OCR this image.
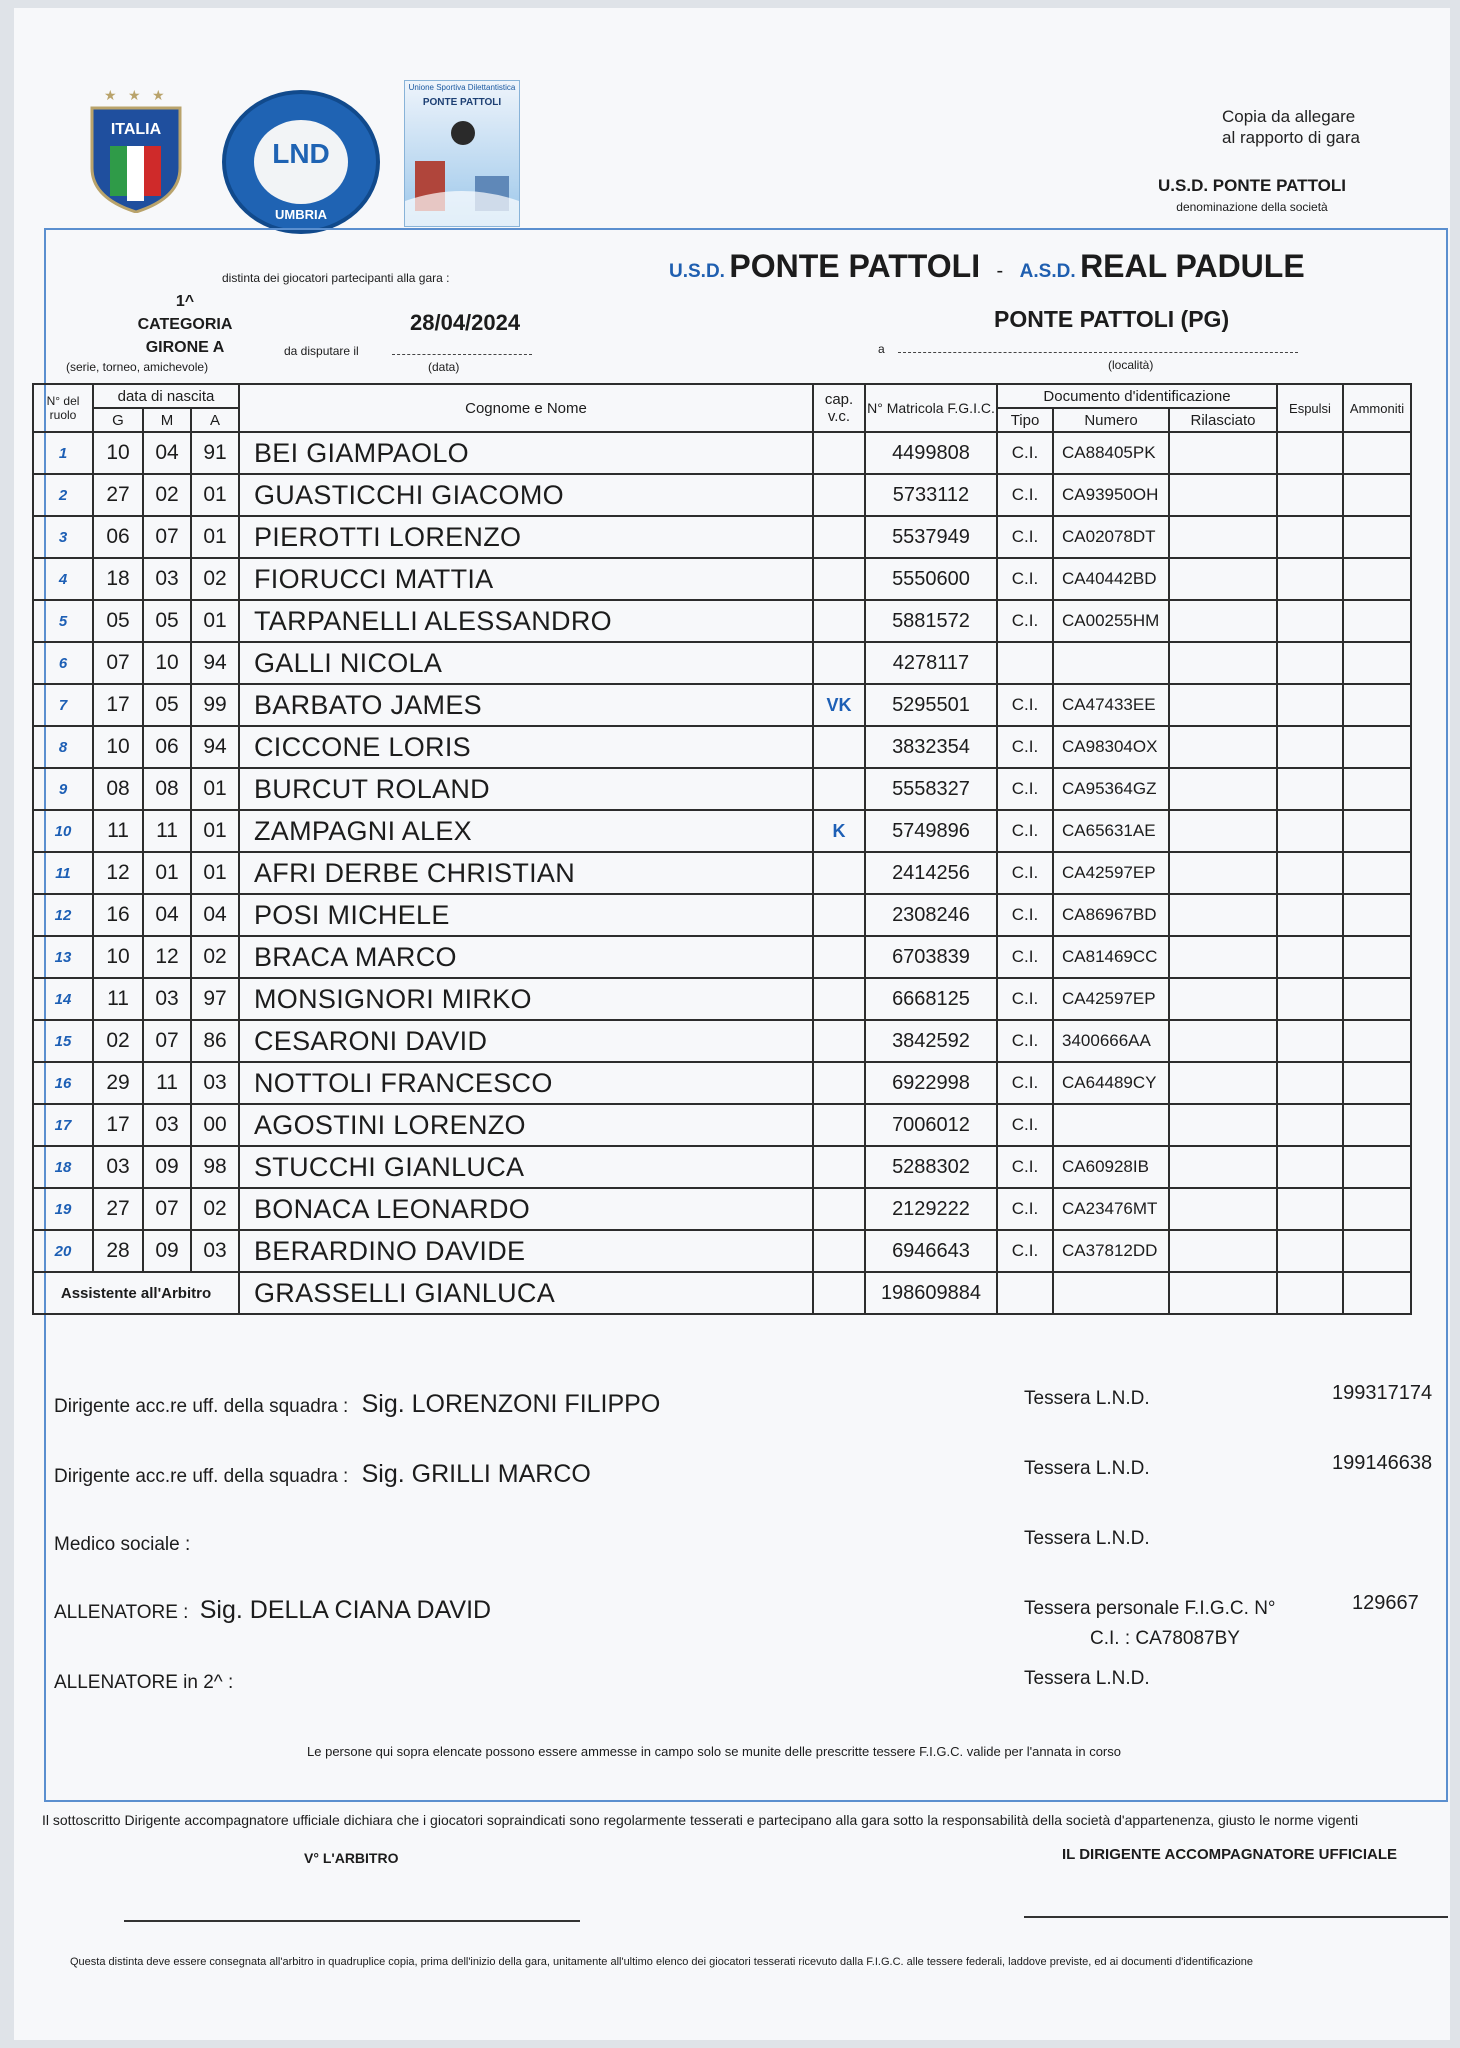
★ ★ ★
ITALIA
LND
UMBRIA
Unione Sportiva Dilettantistica
PONTE PATTOLI
Copia da allegare
al rapporto di gara
U.S.D. PONTE PATTOLI
denominazione della società
distinta dei giocatori partecipanti alla gara :	U.S.D. PONTE PATTOLI - A.S.D. REAL PADULE
1^
CATEGORIA
GIRONE A
(serie, torneo, amichevole)
da disputare il
28/04/2024
(data)
a
PONTE PATTOLI (PG)
(località)
N° del ruolo	data di nascita			Cognome e Nome	cap. v.c.	N° Matricola F.G.I.C.	Documento d'identificazione			Espulsi	Ammoniti
	G	M	A				Tipo	Numero	Rilasciato		
1	10	04	91	BEI GIAMPAOLO		4499808	C.I.	CA88405PK			
2	27	02	01	GUASTICCHI GIACOMO		5733112	C.I.	CA93950OH			
3	06	07	01	PIEROTTI LORENZO		5537949	C.I.	CA02078DT			
4	18	03	02	FIORUCCI MATTIA		5550600	C.I.	CA40442BD			
5	05	05	01	TARPANELLI ALESSANDRO		5881572	C.I.	CA00255HM			
6	07	10	94	GALLI NICOLA		4278117					
7	17	05	99	BARBATO JAMES	VK	5295501	C.I.	CA47433EE			
8	10	06	94	CICCONE LORIS		3832354	C.I.	CA98304OX			
9	08	08	01	BURCUT ROLAND		5558327	C.I.	CA95364GZ			
10	11	11	01	ZAMPAGNI ALEX	K	5749896	C.I.	CA65631AE			
11	12	01	01	AFRI DERBE CHRISTIAN		2414256	C.I.	CA42597EP			
12	16	04	04	POSI MICHELE		2308246	C.I.	CA86967BD			
13	10	12	02	BRACA MARCO		6703839	C.I.	CA81469CC			
14	11	03	97	MONSIGNORI MIRKO		6668125	C.I.	CA42597EP			
15	02	07	86	CESARONI DAVID		3842592	C.I.	3400666AA			
16	29	11	03	NOTTOLI FRANCESCO		6922998	C.I.	CA64489CY			
17	17	03	00	AGOSTINI LORENZO		7006012	C.I.				
18	03	09	98	STUCCHI GIANLUCA		5288302	C.I.	CA60928IB			
19	27	07	02	BONACA LEONARDO		2129222	C.I.	CA23476MT			
20	28	09	03	BERARDINO DAVIDE		6946643	C.I.	CA37812DD			
Assistente all'Arbitro				GRASSELLI GIANLUCA		198609884					
Dirigente acc.re uff. della squadra : Sig. LORENZONI FILIPPO	Tessera L.N.D.	199317174
Dirigente acc.re uff. della squadra : Sig. GRILLI MARCO	Tessera L.N.D.	199146638
Medico sociale :	Tessera L.N.D.
ALLENATORE : Sig. DELLA CIANA DAVID	Tessera personale F.I.G.C. N°	129667
C.I. : CA78087BY
ALLENATORE in 2^ :	Tessera L.N.D.
Le persone qui sopra elencate possono essere ammesse in campo solo se munite delle prescritte tessere F.I.G.C. valide per l'annata in corso
Il sottoscritto Dirigente accompagnatore ufficiale dichiara che i giocatori sopraindicati sono regolarmente tesserati e partecipano alla gara sotto la responsabilità della società d'appartenenza, giusto le norme vigenti
V° L'ARBITRO	IL DIRIGENTE ACCOMPAGNATORE UFFICIALE
Questa distinta deve essere consegnata all'arbitro in quadruplice copia, prima dell'inizio della gara, unitamente all'ultimo elenco dei giocatori tesserati ricevuto dalla F.I.G.C. alle tessere federali, laddove previste, ed ai documenti d'identificazione
